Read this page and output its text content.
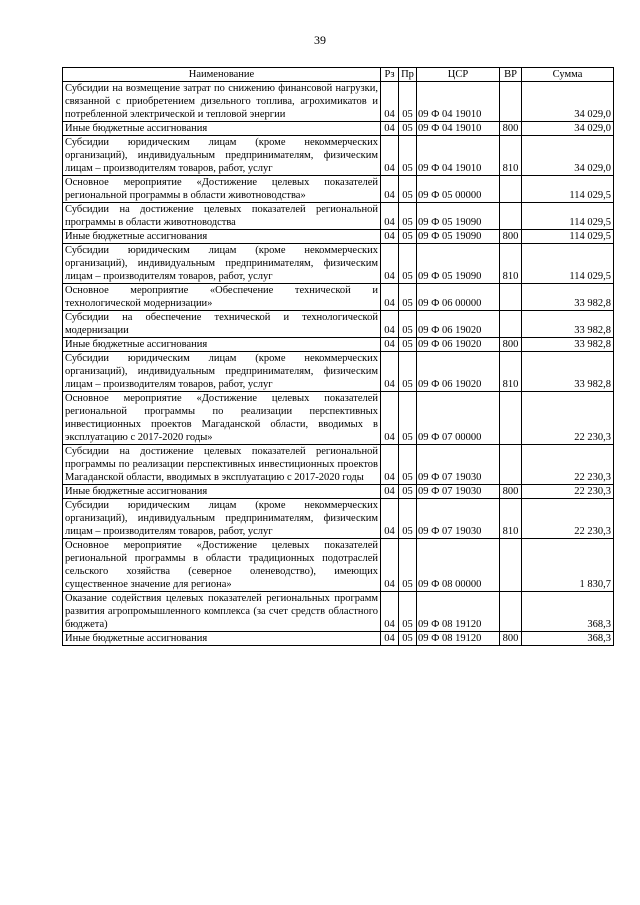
39
Наименование	Рз	Пр	ЦСР	ВР	Сумма
Субсидии на возмещение затрат по снижению финансовой нагрузки, связанной с приобретением дизельного топлива, агрохимикатов и потребленной электрической и тепловой энергии	04	05	09 Ф 04 19010		34 029,0
Иные бюджетные ассигнования	04	05	09 Ф 04 19010	800	34 029,0
Субсидии юридическим лицам (кроме некоммерческих организаций), индивидуальным предпринимателям, физическим лицам – производителям товаров, работ, услуг	04	05	09 Ф 04 19010	810	34 029,0
Основное мероприятие «Достижение целевых показателей региональной программы в области животноводства»	04	05	09 Ф 05 00000		114 029,5
Субсидии на достижение целевых показателей региональной программы в области животноводства	04	05	09 Ф 05 19090		114 029,5
Иные бюджетные ассигнования	04	05	09 Ф 05 19090	800	114 029,5
Субсидии юридическим лицам (кроме некоммерческих организаций), индивидуальным предпринимателям, физическим лицам – производителям товаров, работ, услуг	04	05	09 Ф 05 19090	810	114 029,5
Основное мероприятие «Обеспечение технической и технологической модернизации»	04	05	09 Ф 06 00000		33 982,8
Субсидии на обеспечение технической и технологической модернизации	04	05	09 Ф 06 19020		33 982,8
Иные бюджетные ассигнования	04	05	09 Ф 06 19020	800	33 982,8
Субсидии юридическим лицам (кроме некоммерческих организаций), индивидуальным предпринимателям, физическим лицам – производителям товаров, работ, услуг	04	05	09 Ф 06 19020	810	33 982,8
Основное мероприятие «Достижение целевых показателей региональной программы по реализации перспективных инвестиционных проектов Магаданской области, вводимых в эксплуатацию с 2017-2020 годы»	04	05	09 Ф 07 00000		22 230,3
Субсидии на достижение целевых показателей региональной программы по реализации перспективных инвестиционных проектов Магаданской области, вводимых в эксплуатацию с 2017-2020 годы	04	05	09 Ф 07 19030		22 230,3
Иные бюджетные ассигнования	04	05	09 Ф 07 19030	800	22 230,3
Субсидии юридическим лицам (кроме некоммерческих организаций), индивидуальным предпринимателям, физическим лицам – производителям товаров, работ, услуг	04	05	09 Ф 07 19030	810	22 230,3
Основное мероприятие «Достижение целевых показателей региональной программы в области традиционных подотраслей сельского хозяйства (северное оленеводство), имеющих существенное значение для региона»	04	05	09 Ф 08 00000		1 830,7
Оказание содействия целевых показателей региональных программ развития агропромышленного комплекса (за счет средств областного бюджета)	04	05	09 Ф 08 19120		368,3
Иные бюджетные ассигнования	04	05	09 Ф 08 19120	800	368,3
